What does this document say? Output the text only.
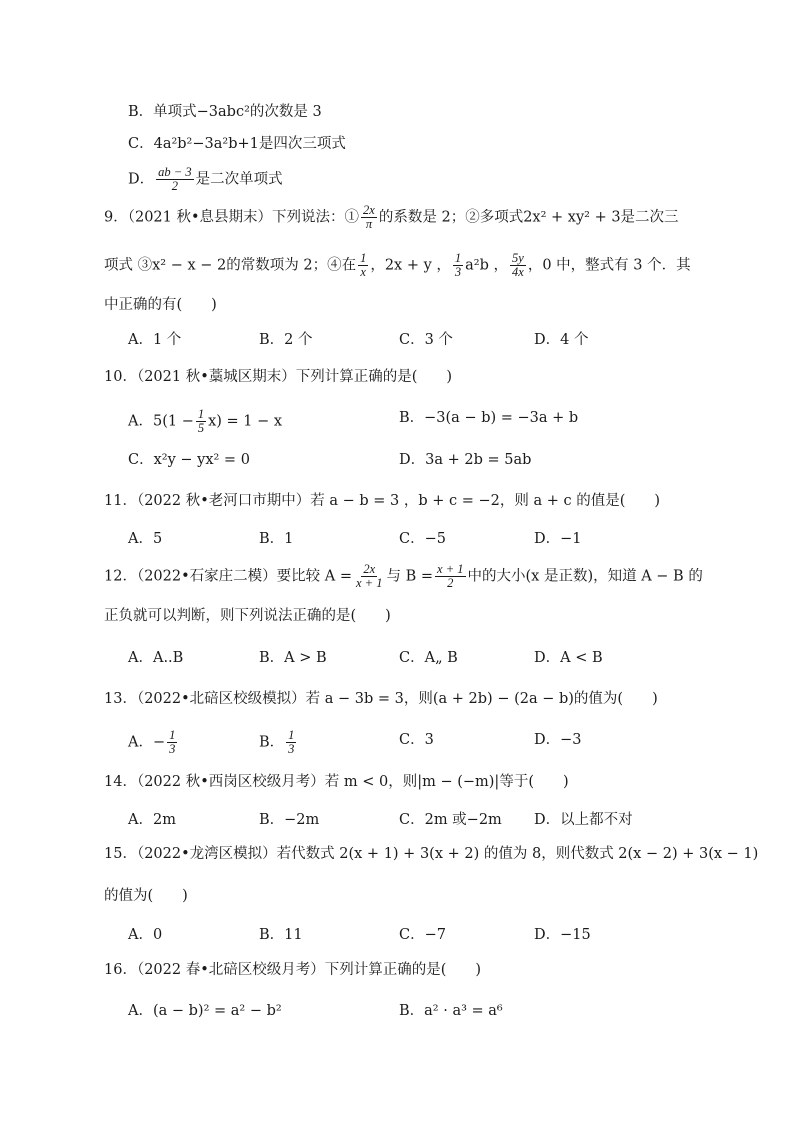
B．单项式−3abc²的次数是 3
C．4a²b²−3a²b+1是四次三项式
D． $\frac{ab - 3}{2}$ 是二次单项式
9．（2021 秋•息县期末）下列说法：① $\frac{2x}{\pi}$ 的系数是 2；②多项式2x² + xy² + 3是二次三
项式 ③x² − x − 2的常数项为 2；④在 $\frac{1}{x}$ ，2x + y ， $\frac{1}{3} a^2b$ ， $\frac{5y}{4x}$ ，0 中，整式有 3 个．其
中正确的有(　　)
A．1 个	B．2 个	C．3 个	D．4 个
10．（2021 秋•藁城区期末）下列计算正确的是(　　)
A．$5(1 - \frac{1}{5} x) = 1 - x$	B．−3(a − b) = −3a + b
C．x²y − yx² = 0	D．3a + 2b = 5ab
11．（2022 秋•老河口市期中）若 a − b = 3 ，b + c = −2，则 a + c 的值是(　　)
A．5	B．1	C．−5	D．−1
12．（2022•石家庄二模）要比较 $A = \frac{2x}{x + 1}$ 与 $B = \frac{x + 1}{2}$ 中的大小(x 是正数)，知道 A − B 的
正负就可以判断，则下列说法正确的是(　　)
A．A..B	B．A > B	C．A„ B	D．A < B
13．（2022•北碚区校级模拟）若 a − 3b = 3，则(a + 2b) − (2a − b)的值为(　　)
A．− $\frac{1}{3}$	B． $\frac{1}{3}$	C．3	D．−3
14．（2022 秋•西岗区校级月考）若 m < 0，则|m − (−m)|等于(　　)
A．2m	B．−2m	C．2m 或−2m D．以上都不对
15．（2022•龙湾区模拟）若代数式 2(x + 1) + 3(x + 2) 的值为 8，则代数式 2(x − 2) + 3(x − 1)
的值为(　　)
A．0	B．11	C．−7	D．−15
16．（2022 春•北碚区校级月考）下列计算正确的是(　　)
A．(a − b)² = a² − b²	B．a² · a³ = a⁶
